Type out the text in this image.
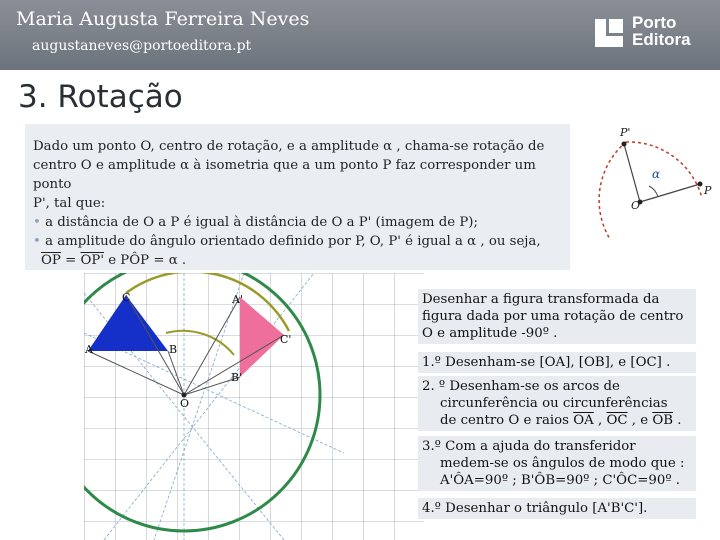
Maria Augusta Ferreira Neves
augustaneves@portoeditora.pt
Porto
Editora
3. Rotação
Dado um ponto O, centro de rotação, e a amplitude α , chama-se rotação de
centro O e amplitude α à isometria que a um ponto P faz corresponder um ponto
P', tal que:
• a distância de O a P é igual à distância de O a P' (imagem de P);
• a amplitude do ângulo orientado definido por P, O, P' é igual a α , ou seja,
$\overline{OP} = OP'$ e PÔP = α .
P'
α
O
P
C	A'
C'
A	B
B'
O
Desenhar a figura transformada da
figura dada por uma rotação de centro
O e amplitude -90º .
1.º Desenham-se [OA], [OB], e [OC] .
2. º Desenham-se os arcos de
circunferência ou circunferências
de centro O e raios $\overline{OA}$ , $\overline{OC}$ , e $\overline{OB}$ .
3.º Com a ajuda do transferidor
medem-se os ângulos de modo que :
A'ÔA=90º ; B'ÔB=90º ; C'ÔC=90º .
4.º Desenhar o triângulo [A'B'C'].
